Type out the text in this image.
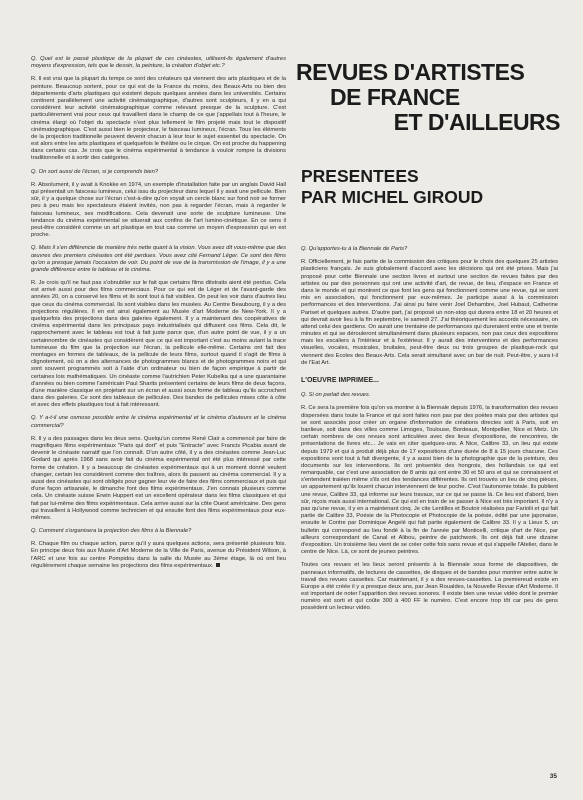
Q. Quel est le passé plastique de la plupart de ces cinéastes, utilisent-ils également d'autres moyens d'expression, tels que le dessin, la peinture, la création d'objet etc.?

R. Il est vrai que la plupart du temps ce sont des créateurs qui viennent des arts plastiques et de la peinture. Beaucoup sortent, pour ce qui est de la France du moins, des Beaux-Arts ou bien des départements d'arts plastiques qui existent depuis quelques années dans les universités. Certains continent parallèlement une activité cinématographique, d'autres sont sculpteurs, il y en a qui considèrent leur activité cinématographique comme relevant presque de la sculpture. C'est particulièrement vrai pour ceux qui travaillent dans le champ de ce que j'appellais tout à l'heure, le cinéma élargi où l'objet du spectacle n'est plus tellement le film projeté mais tout le dispositif cinématographique. C'est aussi bien le projecteur, le faisceau lumineux, l'écran. Tous les éléments de la projection traditionelle peuvent devenir chacun à leur tour le sujet essentiel du spectacle. On est alors entre les arts plastiques et quelquefois le théâtre ou le cirque. On est proche du happening dans certains cas. Je crois que le cinéma expérimental à tendance à vouloir rompre la divisions traditionnelle et à sortir des catégories.

Q. On sort aussi de l'écran, si je comprends bien?

R. Absolument, il y avait à Knokke en 1974, un exemple d'installation faite par un anglais David Hall qui présentait un faisceau lumineux, celui issu du projecteur dans lequel il y avait une pellicule. Bien sûr, il y a quelque chose sur l'écran c'est-à-dire qu'on voyait un cercle blanc sur fond noir se former peu à peu mais les spectateurs étaient invités, non pas à regarder l'écran, mais à regarder le faisceau lumineux, ses modifications. Cela devenait une sorte de sculpture lumineuse. Une tendance du cinéma expérimental se situerait aux confins de l'art lumino-cinétique. En ce sens il peut-être considéré comme un art plastique en tout cas comme un moyen d'expression qui en est proche.

Q. Mais il s'en différencie de manière très nette quant à la vision. Vous avez dit vous-même que des œuvres des premiers cinéastes ont été perdues. Vous avez cité Fernand Léger. Ce sont des films qu'on a presque jamais l'occasion de voir. Du point de vue de la transmission de l'image, il y a une grande différence entre le tableau et le cinéma.

R. Je crois qu'il ne faut pas s'obnubiler sur le fait que certains films ditstraits aient été perdus. Cela est arrivé aussi pour des films commerciaux. Pour ce qui est de Léger et de l'avant-garde des années 20, on a conservé les films et ils sont tout à fait visibles. On peut les voir dans d'autres lieu que ceux du cinéma commercial. Ils sont visibles dans les musées. Au Centre Beaubourg, il y a des projections régulières. Il en est ainsi également au Musée d'art Moderne de New-York. Il y a quelquefois des projections dans des galeries également. Il y a maintenant des coopératives de cinéma expérimental dans les principaux pays industrialisés qui diffusent ces films. Cela dit, le rapprochement avec le tableau est tout à fait juste parce que, d'un autre point de vue, il y a un certainnombre de cinéastes qui considèrent que ce qui est important c'est au moins autant la trace lumineuse du film que la projection sur l'écran, la pellicule elle-même. Certains ont fait des montages en formes de tableaux, de la pellicule de leurs films, surtout quand il s'agit de films à clignotement, où on a des alternances de photogrammes blancs et de photogrammes noirs et qui sont souvent programmés soit à l'aide d'un ordinateur ou bien de façon empirique à partir de certaines lois mathématiques. Un cinéaste comme l'autrichien Peter Kubelka qui a une quarantaine d'années ou bien comme l'américain Paul Sharits présentent certains de leurs films de deux façons, d'une manière classique en projetant sur un écran et aussi sous forme de tableau qu'ils accrochent dans des galeries. Ce sont des tableaux de pellicules. Des bandes de pellicules mises côte à côte et avec des effets plastiques tout à fait intéressant.

Q. Y a-t-il une osmose possible entre le cinéma expérimental et le cinéma d'auteurs et le cinéma commercial?

R. Il y a des passages dans les deux sens. Quelqu'un comme René Clair a commencé par faire de magnifiques films expérimentaux "Paris qui dort" et puis "Entracte" avec Francis Picabia avant de devenir le cinéaste narratif que l'on connaît. D'un autre côté, il y a des cinéastes comme Jean-Luc Godard qui après 1968 sans avoir fait du cinéma expérimental ont été plus intéressé par cette forme de création. Il y a beaucoup de cinéastes expérimentaux qui à un moment donné veulent changer, certain les considèrent comme des traîtres, alors ils passent au cinéma commercial. Il y a aussi des cinéastes qui sont obligés pour gagner leur vie de faire des films commerciaux et puis qui d'une façon artisanale, le dimanche font des films expérimentaux. J'en connais plusieurs comme cela. Un cinéaste suisse Erwin Huppert est un excellent opérateur dans les films classiques et qui fait par lui-même des films expérimentaux. Cela arrive aussi sur la côte Ouest américaine. Des gens qui travaillent à Hollywood comme technicien et qui ensuite font des films expérimentaux pour eux-mêmes.

Q. Comment s'organisera la projection des films à la Biennale?

R. Chaque film ou chaque action, parce qu'il y aura quelques actions, sera présenté plusieurs fois. En principe deux fois aux Musée d'Art Moderne de la Ville de Paris, avenue du Président Wilson, à l'ARC et une fois au centre Pompidou dans la salle du Musée au 3ème étage, là où ont lieu régulièrement chaque semaine les projections des films expérimentaux.

REVUES D'ARTISTES
DE FRANCE
ET D'AILLEURS
PRESENTEES
PAR MICHEL GIROUD

Q. Qu'apportes-tu à la Biennale de Paris?

R. Officiellement, je fais partie de la commission des critiques pour le choix des quelques 25 artistes plasticiens français. Je suis globalement d'accord avec les décisions qui ont été prises. Mais j'ai proposé pour cette Biennale une section livres et surtout une section de revues faites par des artistes ou par des personnes qui ont une activité d'art, de revue, de lieu, d'espace en France et dans le monde et qui montrent ce que font les gens qui fonctionnent comme une revue, qui se sont mis en association, qui fonctionnent par eux-mêmes. Je participe aussi à la commission performances et des interventions. J'ai ainsi pu faire venir Joel Dehambre, Joel Hubaut, Catherine Pariset et quelques autres. D'autre part, j'ai proposé un non-stop qui durera entre 18 et 20 heures et qui devrait avoir lieu à la fin septembre, le samedi 27. J'ai théoriquement les accords nécessaire, on attend celui des gardiens. On aurait une trentaine de performances qui dureraient entre une et trente minutes et qui se dérouleront simultanément dans plusieurs espaces, non pas ceux des expositions mais les escaliers à l'intérieur et à l'extérieur. Il y aurait des interventions et des performances visuelles, vocales, musicales, bruitales, peut-être deux ou trois groupes de plastique-rock qui viennent des Ecoles des Beaux-Arts. Cela serait simultané avec un bar de nuit. Peut-être, y aura t-il de l'Eat Art.

L'OEUVRE IMPRIMEE...

Q. Si on parlait des revues.

R. Ce sera la première fois qu'on va montrer à la Biennale depuis 1976, la transformation des revues dispersées dans toute la France et qui sont faites non pas par des poètes mais par des artistes qui se sont associés pour créer un organe d'information de créations directes soit à Paris, soit en banlieue, soit dans des villes comme Limoges, Toulouse, Bordeaux, Montpellier, Nice et Metz. Un certain nombres de ces revues sont articulées avec des lieux d'expositions, de rencontres, de présentations de livres etc... Je vais en citer quelques-uns. A Nice, Calibre 33, un lieu qui existe depuis 1979 et qui à produit déjà plus de 17 expositions d'une durée de 8 à 15 jours chacune. Ces expositions sont tout à fait divergente, il y a aussi bien de la photographie que de la peinture, des documents sur les interventions. Ils ont présentés des hongrois, des hollandais ce qui est remarquable, car c'est une association de 8 amis qui ont entre 30 et 50 ans et qui se connaissent et s'entendent traiéen même s'ils ont des tendances différentes. Ils ont trouvés un lieu de cinq pièces, un appartement qu'ils louent chacun interviennent de leur poche. C'est l'autonomie totale. Ils publient une revue, Calibre 33, qui informe sur leurs travaux, sur ce qui se passe là. Ce lieu est d'abord, bien sûr, niçois mais aussi international. Ce qui est en train de se passer à Nice est très important. Il n'y a pas qu'une revue, il y en a maintenant cinq. Je cite Lentilles et Boutoir réalisées par Fariolii et qui fait partie de Calibre 33, Poésie de la Photocopie et Photocopie de la poésie, édité par une japonaise, ensuite le Contre par Dominique Angelé qui fait partie également de Calibre 33. Il y a Lieux 5, un bulletin qui correspond au lieu fondé à la fin de l'année par Monticelli, critique d'art de Nice, par ailleurs correspondant de Canal et Alibou, peintre de patchwork. Ils ont déjà fait une dizaine d'exposition. Un troisième lieu vient de se créer cette fois sans revue et qui s'appelle l'Atelier, dans le centre de Nice. Là, ce sont de jeunes peintres.

Toutes ces revues et les lieux seront présents à la Biennale sous forme de diapositives, de panneaux informatifs, de lectures de cassettes, de disques et de bandes pour montrer entre autre le travail des revues cassettes. Car maintenant, il y a des revues-cassettes. La premiereud existe en Europe a été créée il y a presque deux ans, par Jean Roualdes, la Nouvelle Revue d'Art Moderne. Il est important de noter l'apparition des revues sonores. Il existe bien une revue vidéo dont le premier numéro est sorti et qui coûte 300 à 400 FF le numéro. C'est encore trop tôt car peu de gens possèdent un lecteur vidéo.

35
